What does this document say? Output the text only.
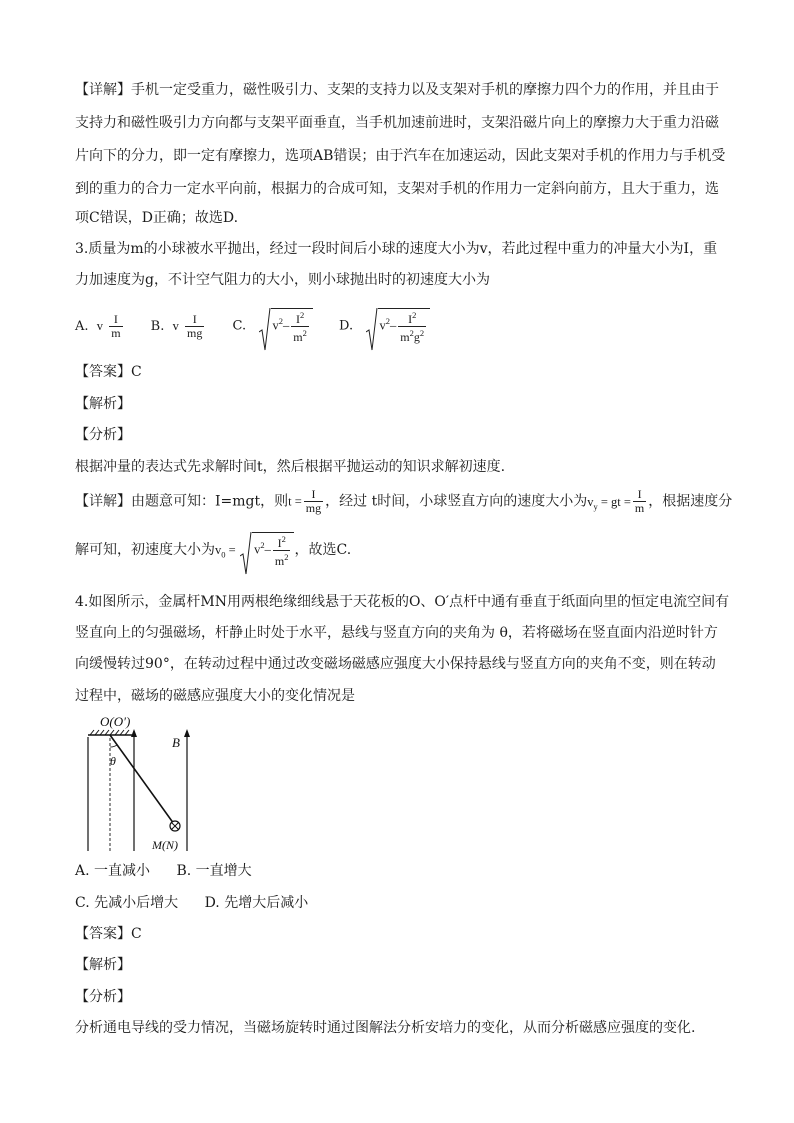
【详解】手机一定受重力，磁性吸引力、支架的支持力以及支架对手机的摩擦力四个力的作用，并且由于
支持力和磁性吸引力方向都与支架平面垂直，当手机加速前进时，支架沿磁片向上的摩擦力大于重力沿磁
片向下的分力，即一定有摩擦力，选项AB错误；由于汽车在加速运动，因此支架对手机的作用力与手机受
到的重力的合力一定水平向前，根据力的合成可知，支架对手机的作用力一定斜向前方，且大于重力，选
项C错误，D正确；故选D.
3.质量为m的小球被水平抛出，经过一段时间后小球的速度大小为v，若此过程中重力的冲量大小为I，重
力加速度为g，不计空气阻力的大小，则小球抛出时的初速度大小为
A. v $\frac{I}{m} B$. v $\frac{I}{mg} C$. $v^2- \frac{I^2}{m^2} D$. $v^2- \frac{I^2}{m^2g^2}$
【答案】C
【解析】
【分析】
根据冲量的表达式先求解时间t，然后根据平抛运动的知识求解初速度.
【详解】由题意可知：I=mgt，则$t = \frac{I}{mg}$ ，经过 t时间，小球竖直方向的速度大小为$v_y$ = gt = $\frac{I}{m}$ ，根据速度分
解可知，初速度大小为$v_0 = v^2- \frac{I^2}{m^2}$ ，故选C.
4.如图所示，金属杆MN用两根绝缘细线悬于天花板的O、O′点杆中通有垂直于纸面向里的恒定电流空间有
竖直向上的匀强磁场，杆静止时处于水平，悬线与竖直方向的夹角为 θ，若将磁场在竖直面内沿逆时针方
向缓慢转过90°，在转动过程中通过改变磁场磁感应强度大小保持悬线与竖直方向的夹角不变，则在转动
过程中，磁场的磁感应强度大小的变化情况是
O(O′)
B
θ
M(N)
A. 一直减小 B. 一直增大
C. 先减小后增大 D. 先增大后减小
【答案】C
【解析】
【分析】
分析通电导线的受力情况，当磁场旋转时通过图解法分析安培力的变化，从而分析磁感应强度的变化.
